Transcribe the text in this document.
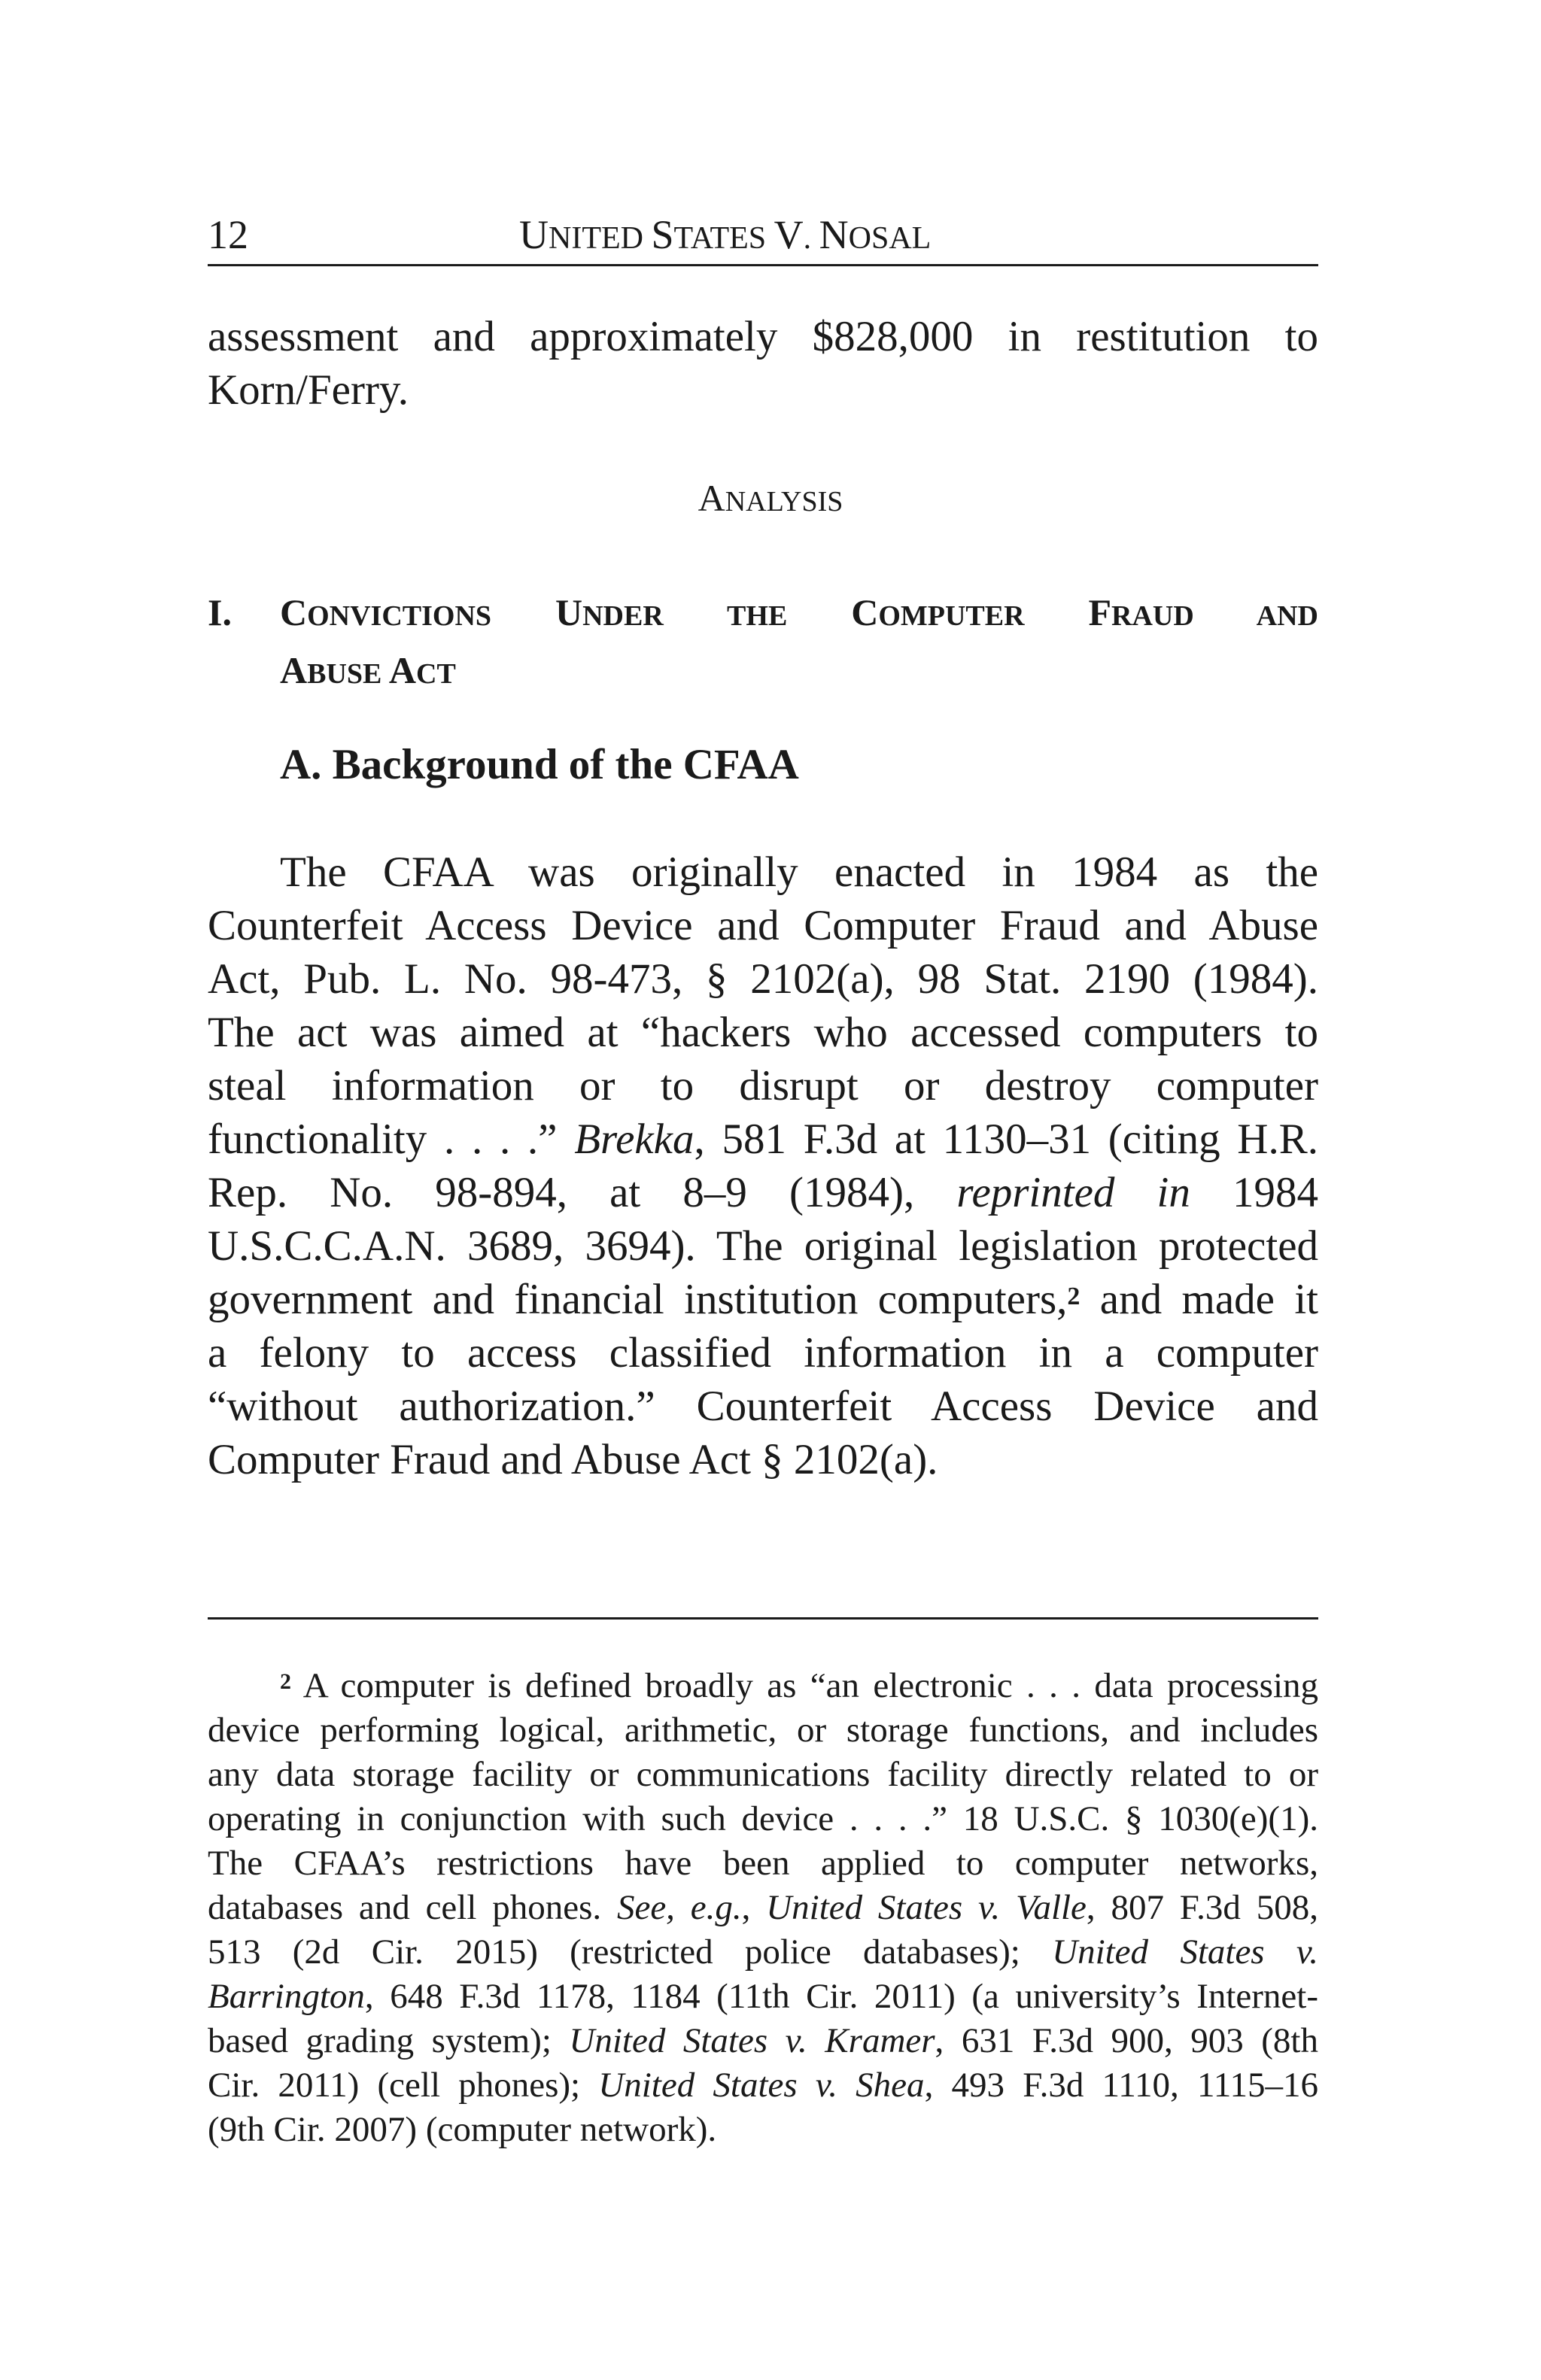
12	UNITED STATES V. NOSAL
assessment and approximately $828,000 in restitution to
Korn/Ferry.
ANALYSIS
I. CONVICTIONS UNDER THE COMPUTER FRAUD AND
ABUSE ACT
A. Background of the CFAA
The CFAA was originally enacted in 1984 as the
Counterfeit Access Device and Computer Fraud and Abuse
Act, Pub. L. No. 98-473, § 2102(a), 98 Stat. 2190 (1984).
The act was aimed at “hackers who accessed computers to
steal information or to disrupt or destroy computer
functionality . . . .” Brekka, 581 F.3d at 1130–31 (citing H.R.
Rep. No. 98-894, at 8–9 (1984), reprinted in 1984
U.S.C.C.A.N. 3689, 3694). The original legislation protected
government and financial institution computers,$^2$ and made it
a felony to access classified information in a computer
“without authorization.” Counterfeit Access Device and
Computer Fraud and Abuse Act § 2102(a).
$^2$ A computer is defined broadly as “an electronic . . . data processing
device performing logical, arithmetic, or storage functions, and includes
any data storage facility or communications facility directly related to or
operating in conjunction with such device . . . .” 18 U.S.C. § 1030(e)(1).
The CFAA’s restrictions have been applied to computer networks,
databases and cell phones. See, e.g., United States v. Valle, 807 F.3d 508,
513 (2d Cir. 2015) (restricted police databases); United States v.
Barrington, 648 F.3d 1178, 1184 (11th Cir. 2011) (a university’s Internet-
based grading system); United States v. Kramer, 631 F.3d 900, 903 (8th
Cir. 2011) (cell phones); United States v. Shea, 493 F.3d 1110, 1115–16
(9th Cir. 2007) (computer network).
